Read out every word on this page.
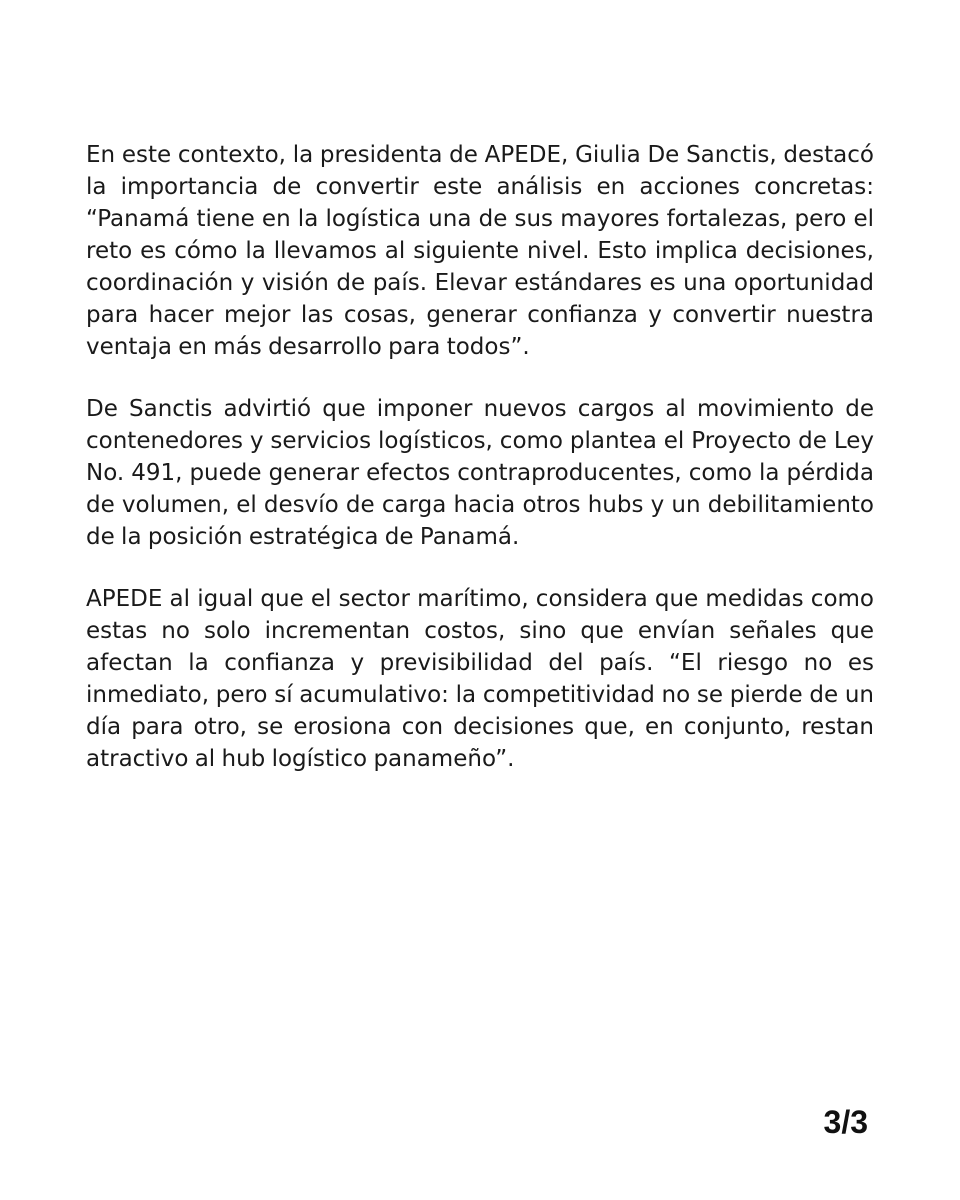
En este contexto, la presidenta de APEDE, Giulia De Sanctis, destacó la importancia de convertir este análisis en acciones concretas: “Panamá tiene en la logística una de sus mayores fortalezas, pero el reto es cómo la llevamos al siguiente nivel. Esto implica decisiones, coordinación y visión de país. Elevar estándares es una oportunidad para hacer mejor las cosas, generar confianza y convertir nuestra ventaja en más desarrollo para todos”.

De Sanctis advirtió que imponer nuevos cargos al movimiento de contenedores y servicios logísticos, como plantea el Proyecto de Ley No. 491, puede generar efectos contraproducentes, como la pérdida de volumen, el desvío de carga hacia otros hubs y un debilitamiento de la posición estratégica de Panamá.

APEDE al igual que el sector marítimo, considera que medidas como estas no solo incrementan costos, sino que envían señales que afectan la confianza y previsibilidad del país. “El riesgo no es inmediato, pero sí acumulativo: la competitividad no se pierde de un día para otro, se erosiona con decisiones que, en conjunto, restan atractivo al hub logístico panameño”.

3/3
